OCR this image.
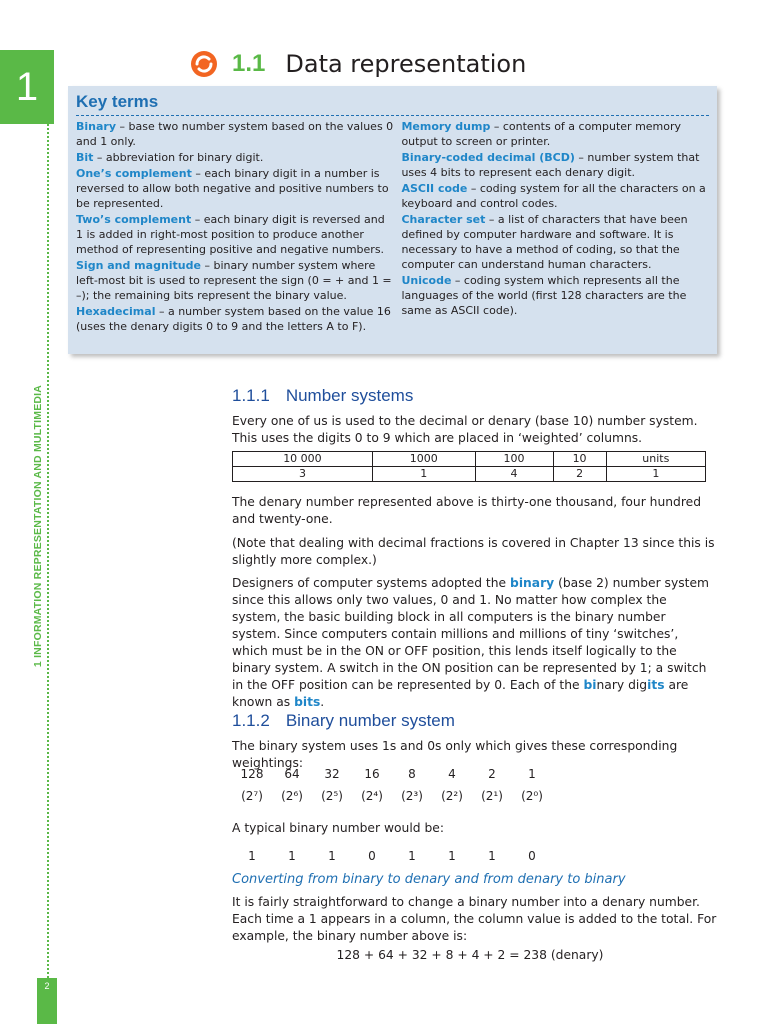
1
1 INFORMATION REPRESENTATION AND MULTIMEDIA
2
1.1 Data representation
Key terms

Binary – base two number system based on the values 0 and 1 only.

Bit – abbreviation for binary digit.

One’s complement – each binary digit in a number is reversed to allow both negative and positive numbers to be represented.

Two’s complement – each binary digit is reversed and 1 is added in right-most position to produce another method of representing positive and negative numbers.

Sign and magnitude – binary number system where left-most bit is used to represent the sign (0 = + and 1 = –); the remaining bits represent the binary value.

Hexadecimal – a number system based on the value 16 (uses the denary digits 0 to 9 and the letters A to F).

Memory dump – contents of a computer memory output to screen or printer.

Binary-coded decimal (BCD) – number system that uses 4 bits to represent each denary digit.

ASCII code – coding system for all the characters on a keyboard and control codes.

Character set – a list of characters that have been defined by computer hardware and software. It is necessary to have a method of coding, so that the computer can understand human characters.

Unicode – coding system which represents all the languages of the world (first 128 characters are the same as ASCII code).

1.1.1 Number systems

Every one of us is used to the decimal or denary (base 10) number system. This uses the digits 0 to 9 which are placed in ‘weighted’ columns.

10 000	1000	100	10	units
3	1	4	2	1

The denary number represented above is thirty-one thousand, four hundred and twenty-one.

(Note that dealing with decimal fractions is covered in Chapter 13 since this is slightly more complex.)

Designers of computer systems adopted the binary (base 2) number system since this allows only two values, 0 and 1. No matter how complex the system, the basic building block in all computers is the binary number system. Since computers contain millions and millions of tiny ‘switches’, which must be in the ON or OFF position, this lends itself logically to the binary system. A switch in the ON position can be represented by 1; a switch in the OFF position can be represented by 0. Each of the binary digits are known as bits.

1.1.2 Binary number system

The binary system uses 1s and 0s only which gives these corresponding weightings:

128	64	32	16	8	4	2	1
(2⁷)	(2⁶)	(2⁵)	(2⁴)	(2³)	(2²)	(2¹)	(2⁰)

A typical binary number would be:

1	1	1	0	1	1	1	0
Converting from binary to denary and from denary to binary

It is fairly straightforward to change a binary number into a denary number. Each time a 1 appears in a column, the column value is added to the total. For example, the binary number above is:

128 + 64 + 32 + 8 + 4 + 2 = 238 (denary)
